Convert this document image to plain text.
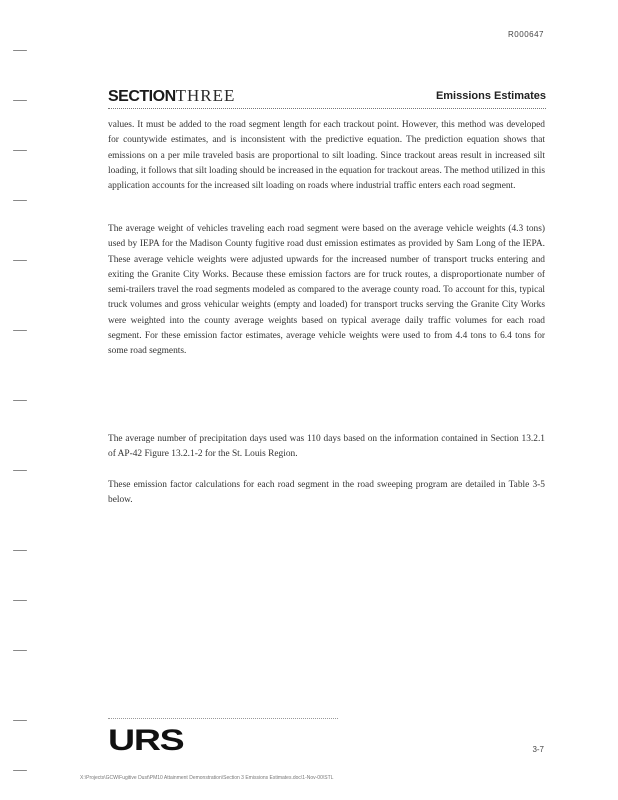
R000647
SECTIONTHREE	Emissions Estimates

values. It must be added to the road segment length for each trackout point. However, this method was developed for countywide estimates, and is inconsistent with the predictive equation. The prediction equation shows that emissions on a per mile traveled basis are proportional to silt loading. Since trackout areas result in increased silt loading, it follows that silt loading should be increased in the equation for trackout areas. The method utilized in this application accounts for the increased silt loading on roads where industrial traffic enters each road segment.

The average weight of vehicles traveling each road segment were based on the average vehicle weights (4.3 tons) used by IEPA for the Madison County fugitive road dust emission estimates as provided by Sam Long of the IEPA. These average vehicle weights were adjusted upwards for the increased number of transport trucks entering and exiting the Granite City Works. Because these emission factors are for truck routes, a disproportionate number of semi-trailers travel the road segments modeled as compared to the average county road. To account for this, typical truck volumes and gross vehicular weights (empty and loaded) for transport trucks serving the Granite City Works were weighted into the county average weights based on typical average daily traffic volumes for each road segment. For these emission factor estimates, average vehicle weights were used to from 4.4 tons to 6.4 tons for some road segments.

The average number of precipitation days used was 110 days based on the information contained in Section 13.2.1 of AP-42 Figure 13.2.1-2 for the St. Louis Region.

These emission factor calculations for each road segment in the road sweeping program are detailed in Table 3-5 below.

URS	3-7
X:\Projects\GCW\Fugitive Dust\PM10 Attainment Demonstration\Section 3 Emissions Estimates.doc\1-Nov-00\STL
